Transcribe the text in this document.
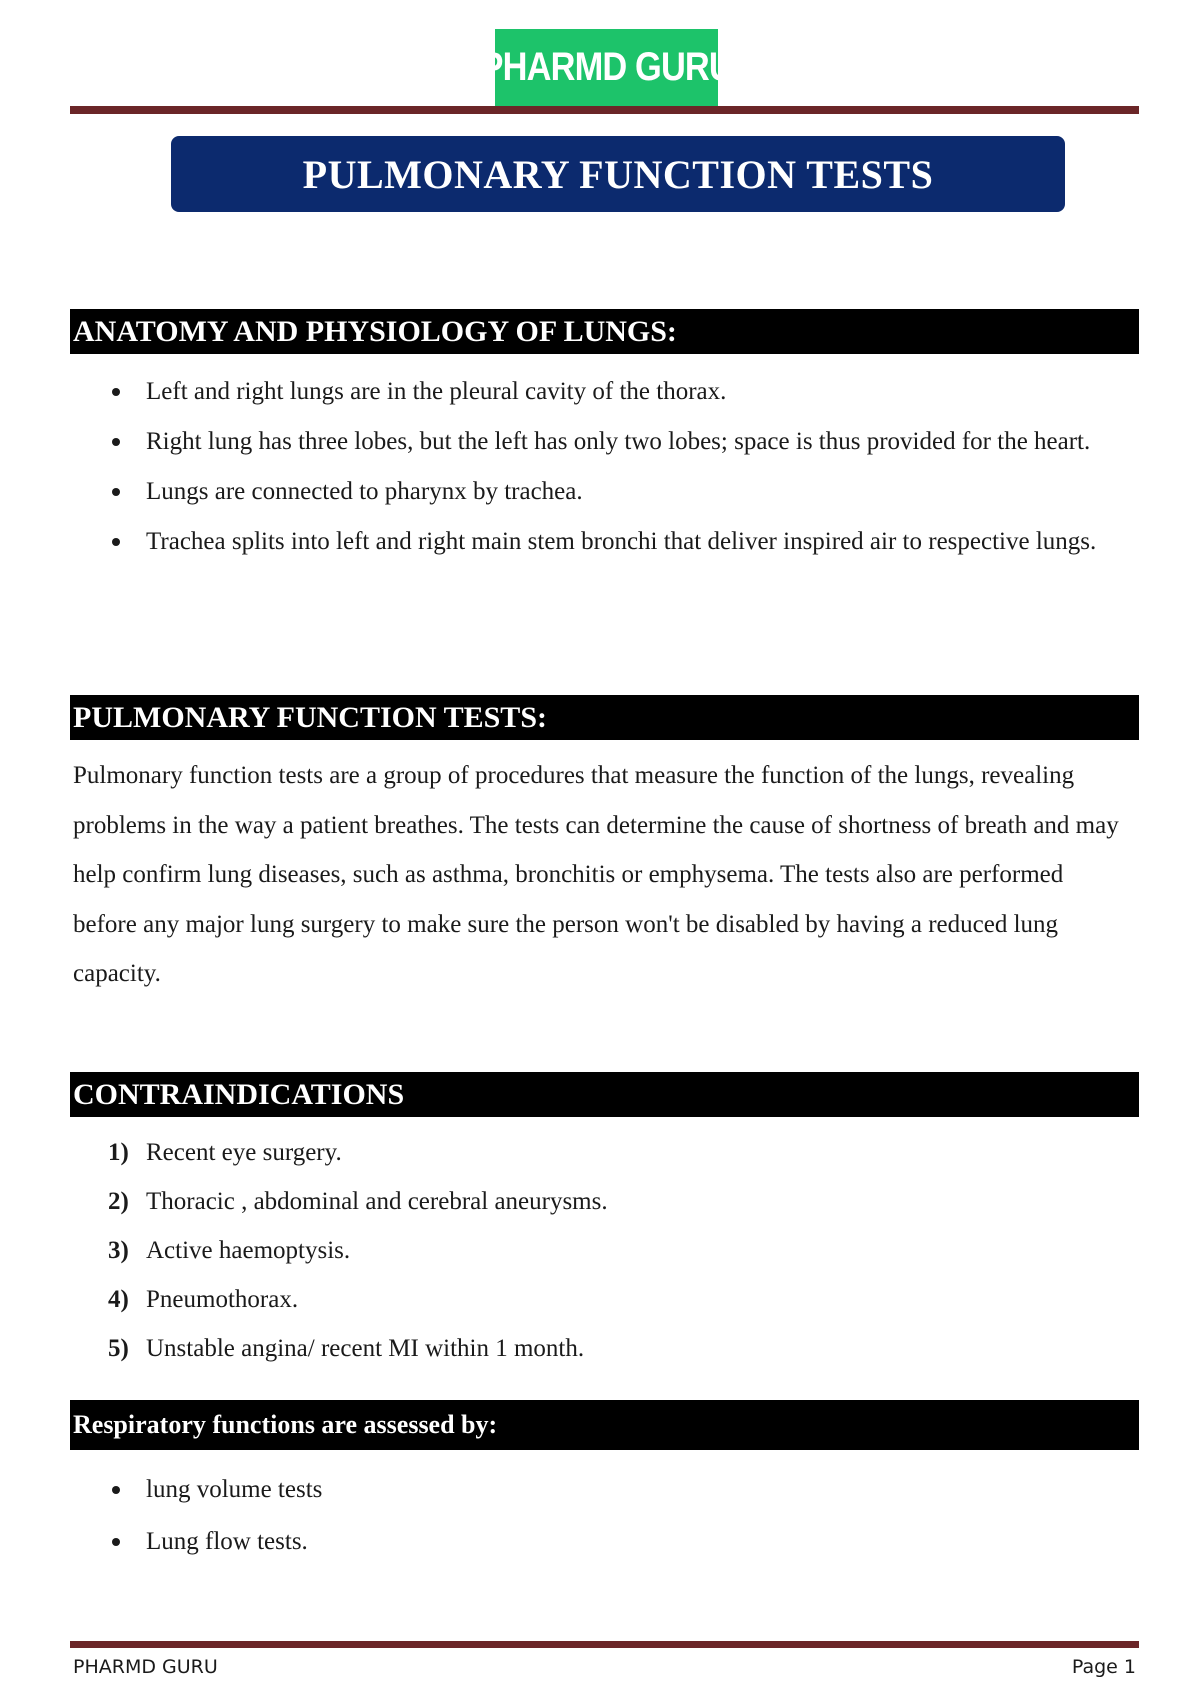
PHARMD GURU
PULMONARY FUNCTION TESTS
ANATOMY AND PHYSIOLOGY OF LUNGS:
Left and right lungs are in the pleural cavity of the thorax.
Right lung has three lobes, but the left has only two lobes; space is thus provided for the heart.
Lungs are connected to pharynx by trachea.
Trachea splits into left and right main stem bronchi that deliver inspired air to respective lungs.
PULMONARY FUNCTION TESTS:

Pulmonary function tests are a group of procedures that measure the function of the lungs, revealing problems in the way a patient breathes. The tests can determine the cause of shortness of breath and may help confirm lung diseases, such as asthma, bronchitis or emphysema. The tests also are performed before any major lung surgery to make sure the person won't be disabled by having a reduced lung capacity.

CONTRAINDICATIONS
1) Recent eye surgery.
2) Thoracic , abdominal and cerebral aneurysms.
3) Active haemoptysis.
4) Pneumothorax.
5) Unstable angina/ recent MI within 1 month.
Respiratory functions are assessed by:
lung volume tests
Lung flow tests.
PHARMD GURU	Page 1
